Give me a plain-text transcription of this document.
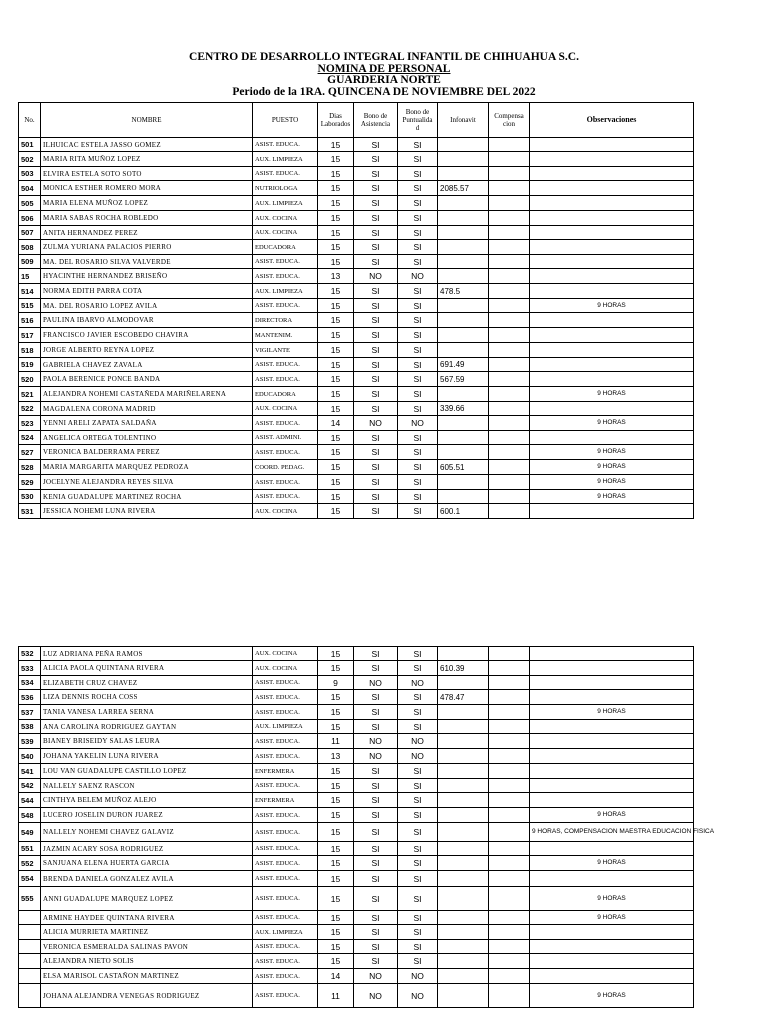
CENTRO DE DESARROLLO INTEGRAL INFANTIL DE CHIHUAHUA S.C.
NOMINA DE PERSONAL
GUARDERIA NORTE
Periodo de la 1RA. QUINCENA DE NOVIEMBRE DEL 2022
No.	NOMBRE	PUESTO	Dias Laborados	Bono de Asistencia	Bono de Puntualida d	Infonavit	Compensa cion	Observaciones
501	ILHUICAC ESTELA JASSO GOMEZ	ASIST. EDUCA.	15	SI	SI			
502	MARIA RITA MUÑOZ LOPEZ	AUX. LIMPIEZA	15	SI	SI			
503	ELVIRA ESTELA SOTO SOTO	ASIST. EDUCA.	15	SI	SI			
504	MONICA ESTHER ROMERO MORA	NUTRIOLOGA	15	SI	SI	2085.57		
505	MARIA ELENA MUÑOZ LOPEZ	AUX. LIMPIEZA	15	SI	SI			
506	MARIA SABAS ROCHA ROBLEDO	AUX. COCINA	15	SI	SI			
507	ANITA HERNANDEZ PEREZ	AUX. COCINA	15	SI	SI			
508	ZULMA YURIANA PALACIOS PIERRO	EDUCADORA	15	SI	SI			
509	MA. DEL ROSARIO SILVA VALVERDE	ASIST. EDUCA.	15	SI	SI			
15	HYACINTHE HERNANDEZ BRISEÑO	ASIST. EDUCA.	13	NO	NO			
514	NORMA EDITH PARRA COTA	AUX. LIMPIEZA	15	SI	SI	478.5		
515	MA. DEL ROSARIO LOPEZ AVILA	ASIST. EDUCA.	15	SI	SI			9 HORAS
516	PAULINA IBARVO ALMODOVAR	DIRECTORA	15	SI	SI			
517	FRANCISCO JAVIER ESCOBEDO CHAVIRA	MANTENIM.	15	SI	SI			
518	JORGE ALBERTO REYNA LOPEZ	VIGILANTE	15	SI	SI			
519	GABRIELA CHAVEZ ZAVALA	ASIST. EDUCA.	15	SI	SI	691.49		
520	PAOLA BERENICE PONCE BANDA	ASIST. EDUCA.	15	SI	SI	567.59		
521	ALEJANDRA NOHEMI CASTAÑEDA MARIÑELARENA	EDUCADORA	15	SI	SI			9 HORAS
522	MAGDALENA CORONA MADRID	AUX. COCINA	15	SI	SI	339.66		
523	YENNI ARELI ZAPATA SALDAÑA	ASIST. EDUCA.	14	NO	NO			9 HORAS
524	ANGELICA ORTEGA TOLENTINO	ASIST. ADMINI.	15	SI	SI			
527	VERONICA BALDERRAMA PEREZ	ASIST. EDUCA.	15	SI	SI			9 HORAS
528	MARIA MARGARITA MARQUEZ PEDROZA	COORD. PEDAG.	15	SI	SI	605.51		9 HORAS
529	JOCELYNE ALEJANDRA REYES SILVA	ASIST. EDUCA.	15	SI	SI			9 HORAS
530	KENIA GUADALUPE MARTINEZ ROCHA	ASIST. EDUCA.	15	SI	SI			9 HORAS
531	JESSICA NOHEMI LUNA RIVERA	AUX. COCINA	15	SI	SI	600.1		
532	LUZ ADRIANA PEÑA RAMOS	AUX. COCINA	15	SI	SI			
533	ALICIA PAOLA QUINTANA RIVERA	AUX. COCINA	15	SI	SI	610.39		
534	ELIZABETH CRUZ CHAVEZ	ASIST. EDUCA.	9	NO	NO			
536	LIZA DENNIS ROCHA COSS	ASIST. EDUCA.	15	SI	SI	478.47		
537	TANIA VANESA LARREA SERNA	ASIST. EDUCA.	15	SI	SI			9 HORAS
538	ANA CAROLINA RODRIGUEZ GAYTAN	AUX. LIMPIEZA	15	SI	SI			
539	BIANEY BRISEIDY SALAS LEURA	ASIST. EDUCA.	11	NO	NO			
540	JOHANA YAKELIN LUNA RIVERA	ASIST. EDUCA.	13	NO	NO			
541	LOU VAN GUADALUPE CASTILLO LOPEZ	ENFERMERA	15	SI	SI			
542	NALLELY SAENZ RASCON	ASIST. EDUCA.	15	SI	SI			
544	CINTHYA BELEM MUÑOZ ALEJO	ENFERMERA	15	SI	SI			
548	LUCERO JOSELIN DURON JUAREZ	ASIST. EDUCA.	15	SI	SI			9 HORAS
549	NALLELY NOHEMI CHAVEZ GALAVIZ	ASIST. EDUCA.	15	SI	SI			9 HORAS, COMPENSACION MAESTRA EDUCACION FISICA
551	JAZMIN ACARY SOSA RODRIGUEZ	ASIST. EDUCA.	15	SI	SI			
552	SANJUANA ELENA HUERTA GARCIA	ASIST. EDUCA.	15	SI	SI			9 HORAS
554	BRENDA DANIELA GONZALEZ AVILA	ASIST. EDUCA.	15	SI	SI			
555	ANNI GUADALUPE MARQUEZ LOPEZ	ASIST. EDUCA.	15	SI	SI			9 HORAS
	ARMINE HAYDEE QUINTANA RIVERA	ASIST. EDUCA.	15	SI	SI			9 HORAS
	ALICIA MURRIETA MARTINEZ	AUX. LIMPIEZA	15	SI	SI			
	VERONICA ESMERALDA SALINAS PAVON	ASIST. EDUCA.	15	SI	SI			
	ALEJANDRA NIETO SOLIS	ASIST. EDUCA.	15	SI	SI			
	ELSA MARISOL CASTAÑON MARTINEZ	ASIST. EDUCA.	14	NO	NO			
	JOHANA ALEJANDRA VENEGAS RODRIGUEZ	ASIST. EDUCA.	11	NO	NO			9 HORAS
